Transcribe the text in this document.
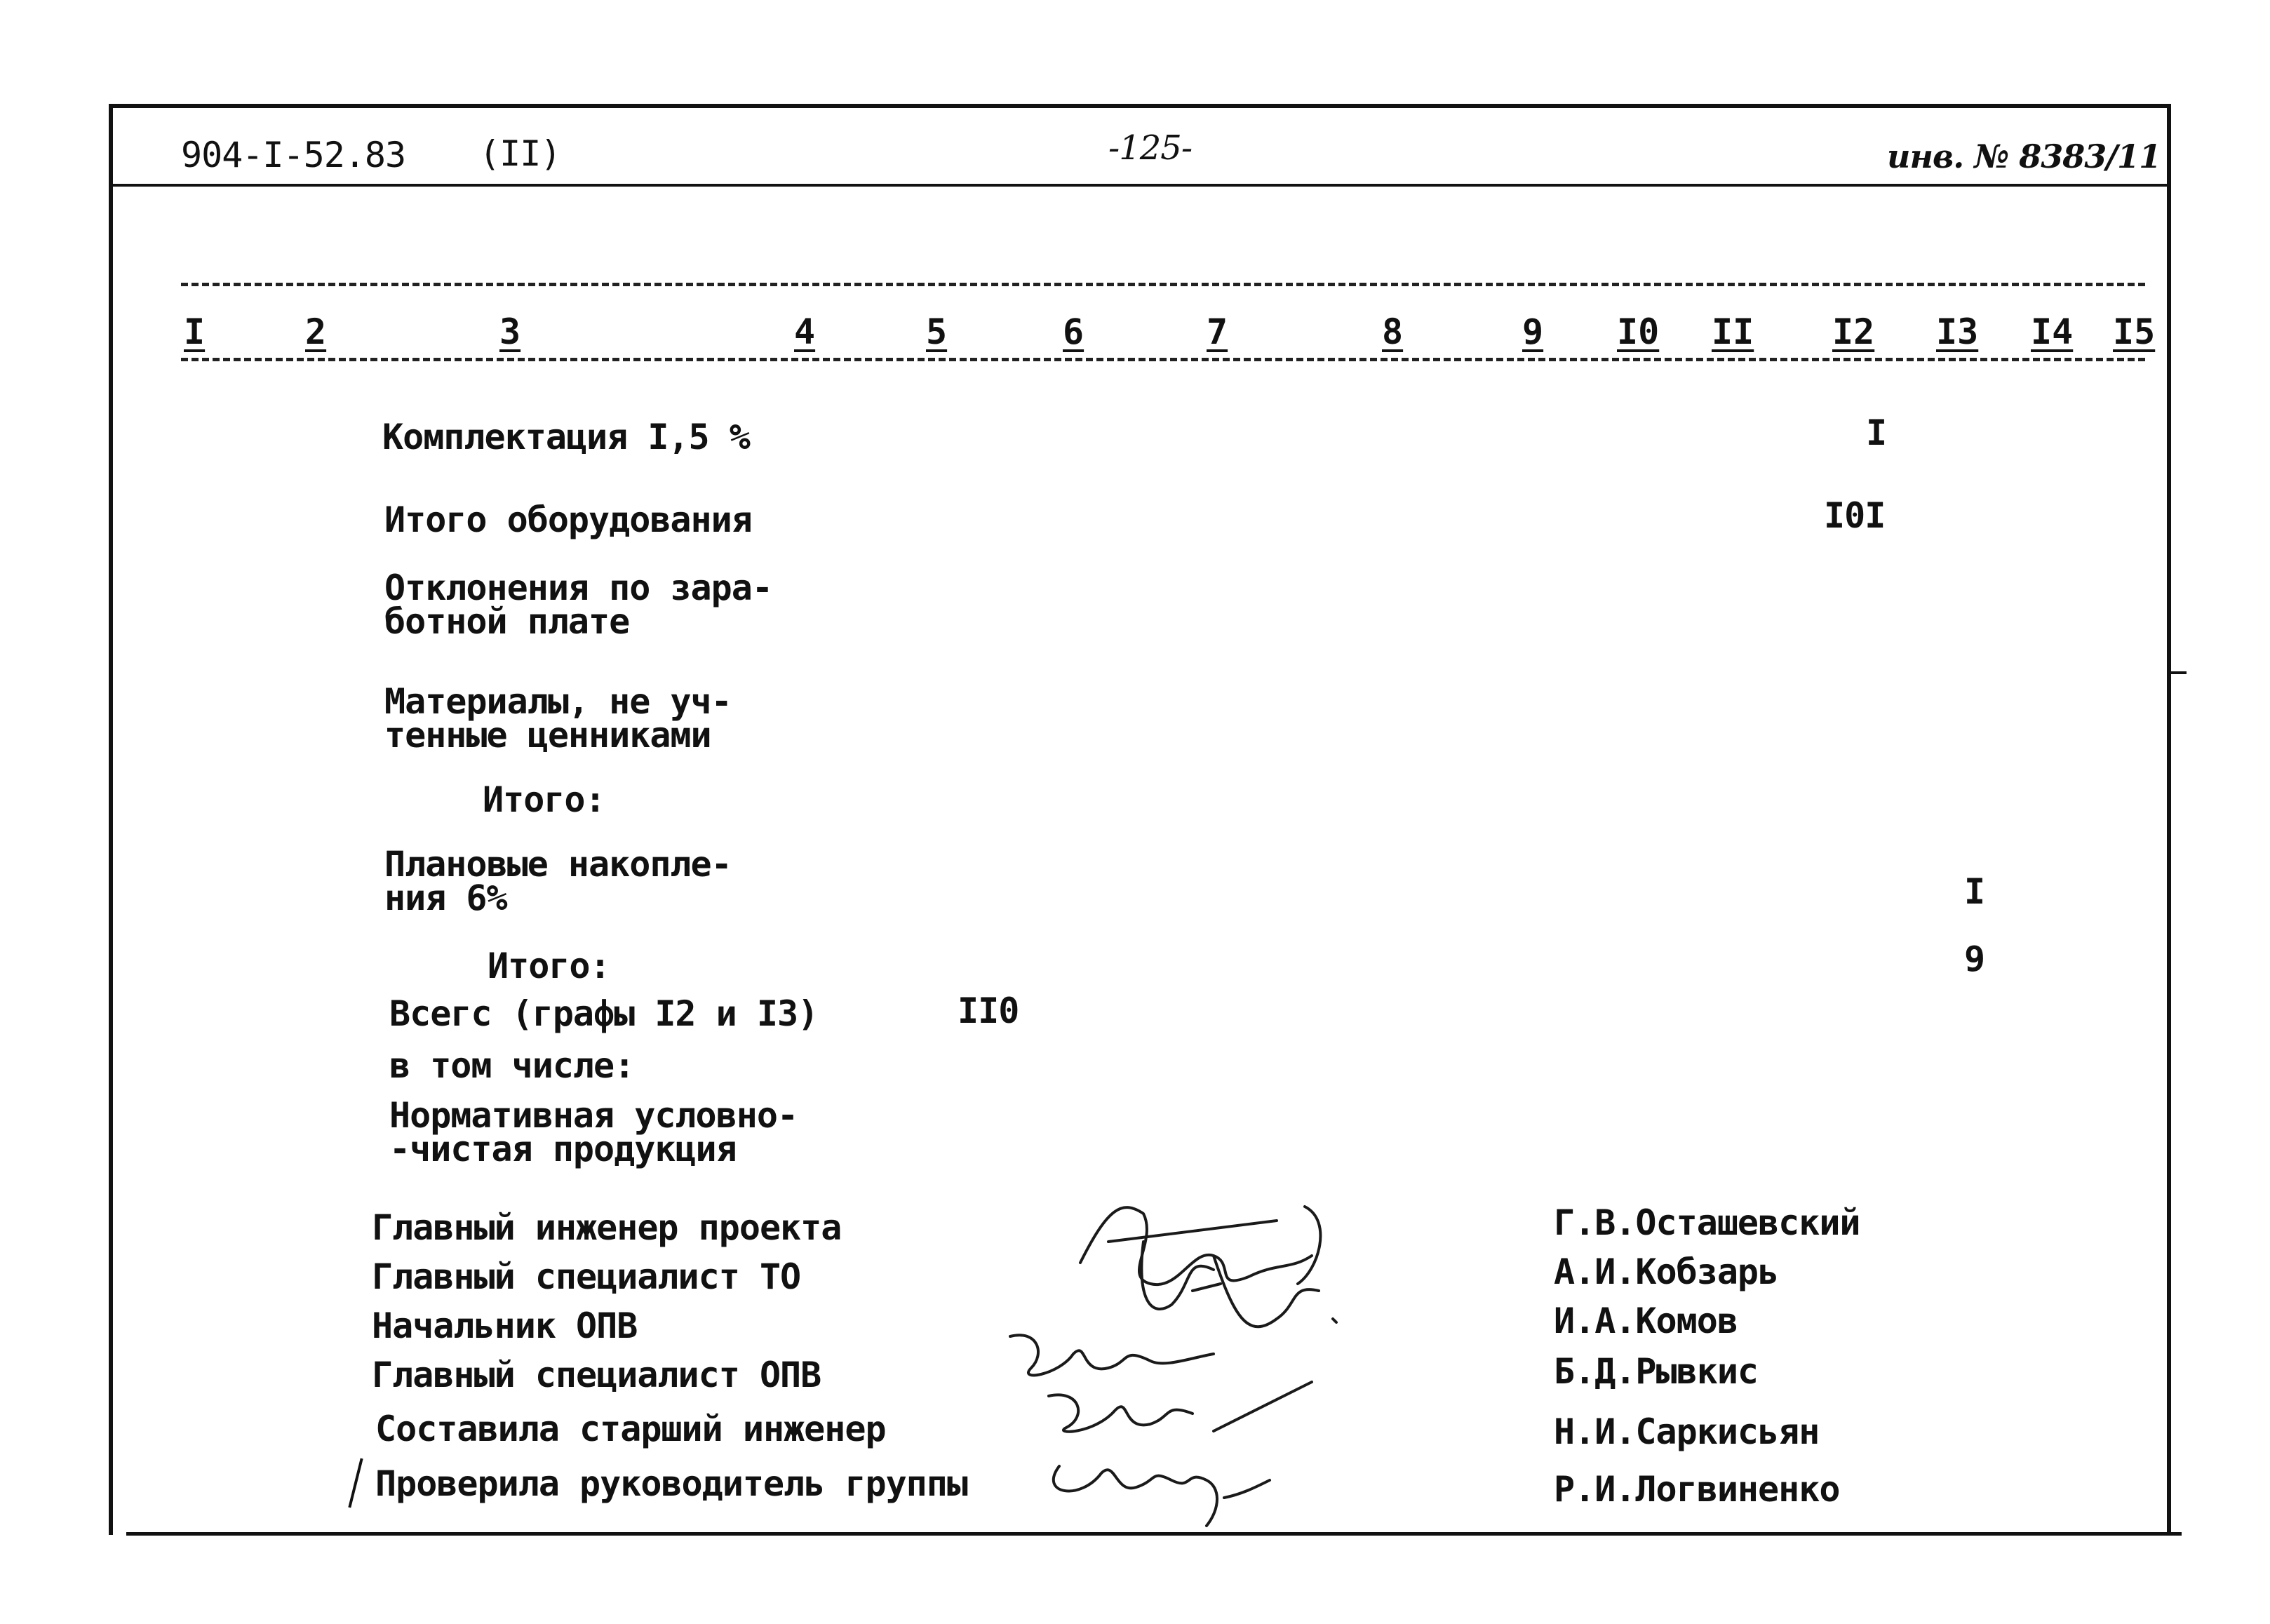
904-I-52.83 (II)	-125-	инв. № 8383/11
I	2	3	4	5	6	7	8	9 I0 II I2 I3 I4 I5
Комплектация I,5 %	I
Итого оборудования	I0I
Отклонения по зара-
ботной плате
Материалы, не уч-
тенные ценниками
Итого:
Плановые накопле-
ния 6%	I
Итого:	9
Всегс (графы I2 и I3)	II0
в том числе:
Нормативная условно-
-чистая продукция
Главный инженер проекта
Главный специалист ТО
Начальник ОПВ
Главный специалист ОПВ
Составила старший инженер
Проверила руководитель группы
Г.В.Осташевский
А.И.Кобзарь
И.А.Комов
Б.Д.Рывкис
Н.И.Саркисьян
Р.И.Логвиненко
